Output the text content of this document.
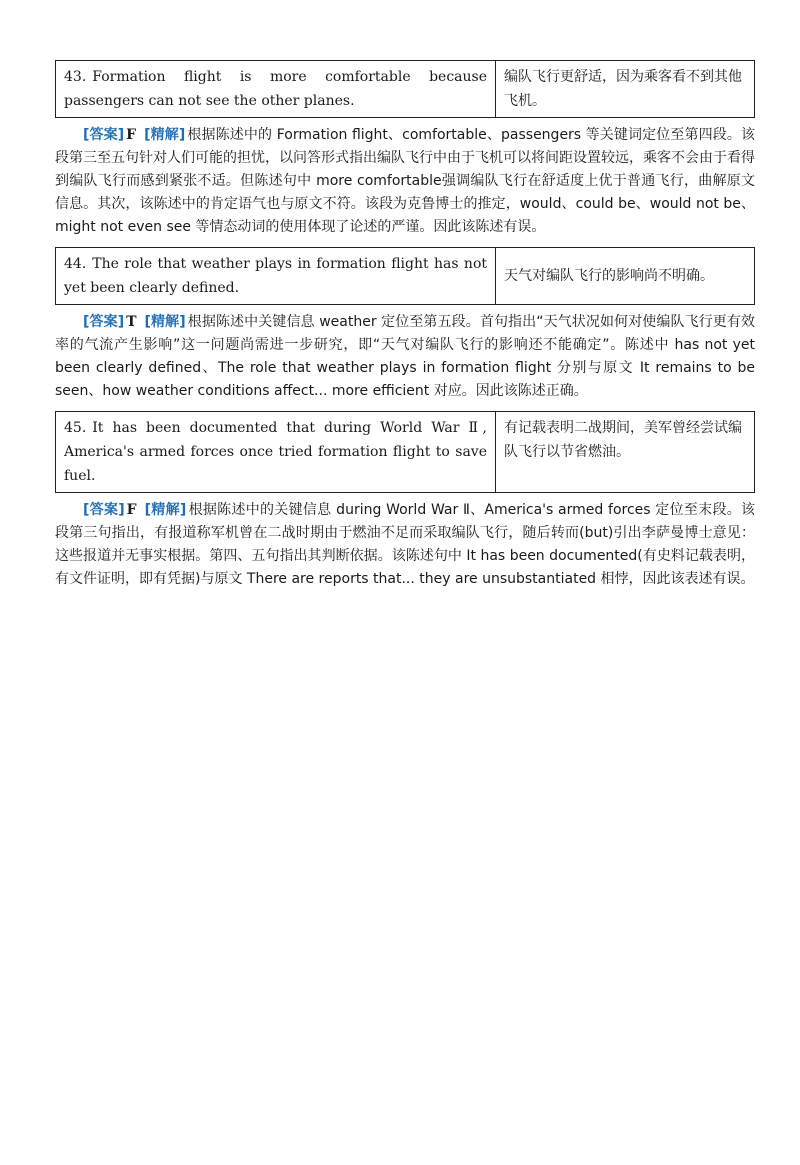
43. Formation flight is more comfortable because passengers can not see the other planes.
编队飞行更舒适，因为乘客看不到其他飞机。

[答案] F [精解] 根据陈述中的 Formation flight、comfortable、passengers 等关键词定位至第四段。该段第三至五句针对人们可能的担忧，以问答形式指出编队飞行中由于飞机可以将间距设置较远，乘客不会由于看得到编队飞行而感到紧张不适。但陈述句中 more comfortable强调编队飞行在舒适度上优于普通飞行，曲解原文信息。其次，该陈述中的肯定语气也与原文不符。该段为克鲁博士的推定，would、could be、would not be、might not even see 等情态动词的使用体现了论述的严谨。因此该陈述有误。

44. The role that weather plays in formation flight has not yet been clearly defined.
天气对编队飞行的影响尚不明确。

[答案] T [精解] 根据陈述中关键信息 weather 定位至第五段。首句指出“天气状况如何对使编队飞行更有效率的气流产生影响”这一问题尚需进一步研究，即“天气对编队飞行的影响还不能确定”。陈述中 has not yet been clearly defined、The role that weather plays in formation flight 分别与原文 It remains to be seen、how weather conditions affect... more efficient 对应。因此该陈述正确。

45. It has been documented that during World War Ⅱ, America's armed forces once tried formation flight to save fuel.
有记载表明二战期间，美军曾经尝试编队飞行以节省燃油。

[答案] F [精解] 根据陈述中的关键信息 during World War Ⅱ、America's armed forces 定位至末段。该段第三句指出，有报道称军机曾在二战时期由于燃油不足而采取编队飞行，随后转而(but)引出李萨曼博士意见：这些报道并无事实根据。第四、五句指出其判断依据。该陈述句中 It has been documented(有史料记载表明，有文件证明，即有凭据)与原文 There are reports that... they are unsubstantiated 相悖，因此该表述有误。
